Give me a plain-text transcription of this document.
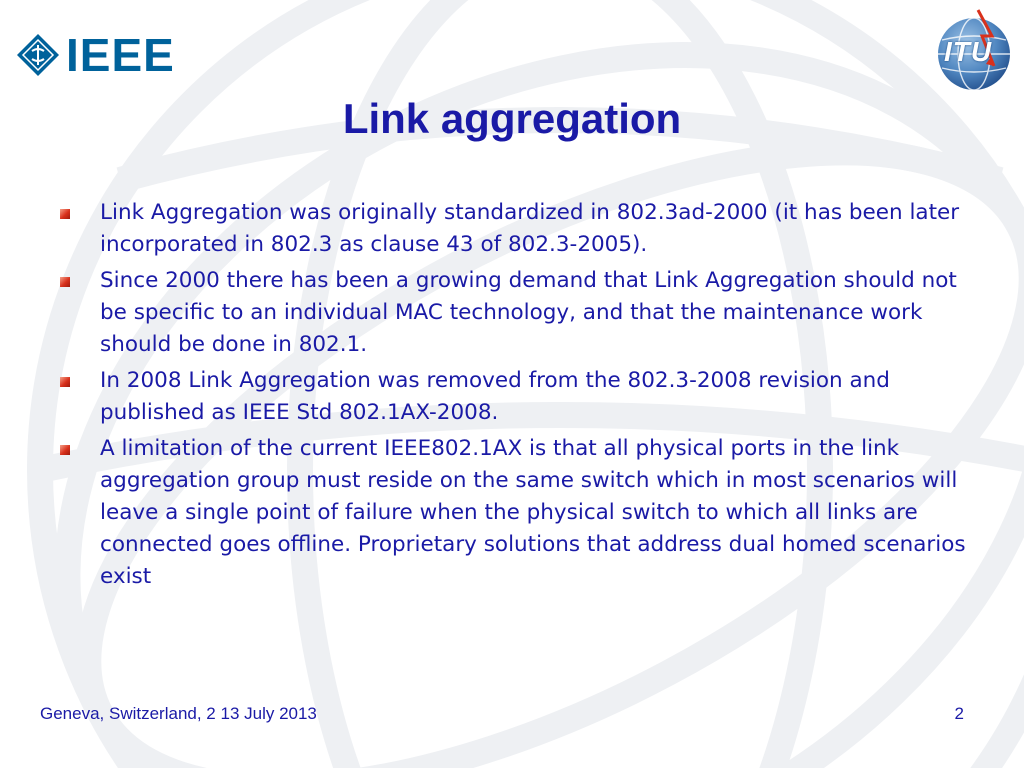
IEEE	ITU
Link aggregation
Link Aggregation was originally standardized in 802.3ad-2000 (it has been later incorporated in 802.3 as clause 43 of 802.3-2005).
Since 2000 there has been a growing demand that Link Aggregation should not be specific to an individual MAC technology, and that the maintenance work should be done in 802.1.
In 2008 Link Aggregation was removed from the 802.3-2008 revision and published as IEEE Std 802.1AX-2008.
A limitation of the current IEEE802.1AX is that all physical ports in the link aggregation group must reside on the same switch which in most scenarios will leave a single point of failure when the physical switch to which all links are connected goes offline. Proprietary solutions that address dual homed scenarios exist
Geneva, Switzerland, 2 13 July 2013	2
